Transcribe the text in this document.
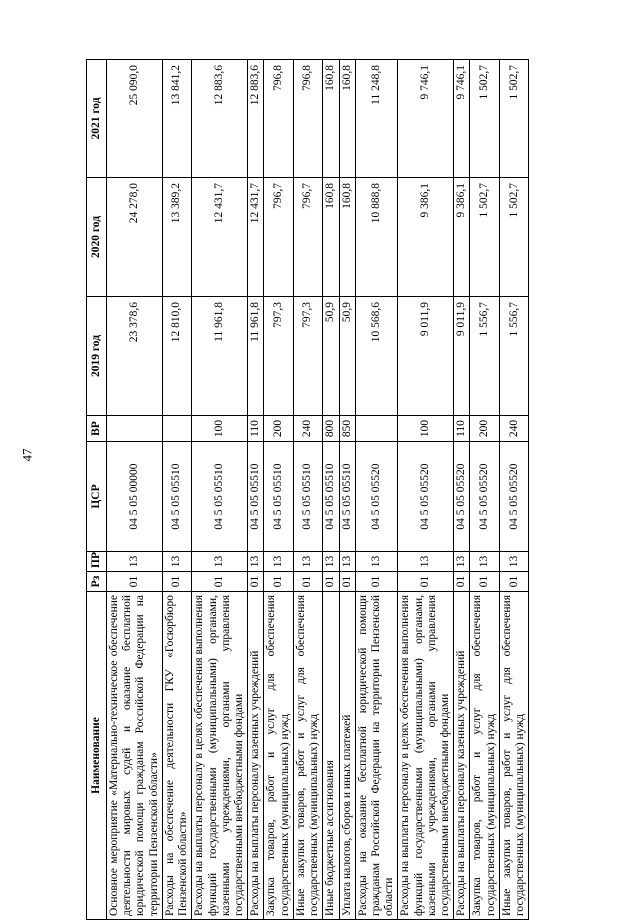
47
Наименование	Рз	ПР	ЦСР	ВР	2019 год	2020 год	2021 год
Основное мероприятие «Материально-техническое обеспечение деятельности мировых судей и оказание бесплатной юридической помощи гражданам Российской Федерации на территории Пензенской области»	01	13	04 5 05 00000		23 378,6	24 278,0	25 090,0
Расходы на обеспечение деятельности ГКУ «Госюрбюро Пензенской области»	01	13	04 5 05 05510		12 810,0	13 389,2	13 841,2
Расходы на выплаты персоналу в целях обеспечения выполнения функций государственными (муниципальными) органами, казенными учреждениями, органами управления государственными внебюджетными фондами	01	13	04 5 05 05510	100	11 961,8	12 431,7	12 883,6
Расходы на выплаты персоналу казенных учреждений	01	13	04 5 05 05510	110	11 961,8	12 431,7	12 883,6
Закупка товаров, работ и услуг для обеспечения государственных (муниципальных) нужд	01	13	04 5 05 05510	200	797,3	796,7	796,8
Иные закупки товаров, работ и услуг для обеспечения государственных (муниципальных) нужд	01	13	04 5 05 05510	240	797,3	796,7	796,8
Иные бюджетные ассигнования	01	13	04 5 05 05510	800	50,9	160,8	160,8
Уплата налогов, сборов и иных платежей	01	13	04 5 05 05510	850	50,9	160,8	160,8
Расходы на оказание бесплатной юридической помощи гражданам Российской Федерации на территории Пензенской области	01	13	04 5 05 05520		10 568,6	10 888,8	11 248,8
Расходы на выплаты персоналу в целях обеспечения выполнения функций государственными (муниципальными) органами, казенными учреждениями, органами управления государственными внебюджетными фондами	01	13	04 5 05 05520	100	9 011,9	9 386,1	9 746,1
Расходы на выплаты персоналу казенных учреждений	01	13	04 5 05 05520	110	9 011,9	9 386,1	9 746,1
Закупка товаров, работ и услуг для обеспечения государственных (муниципальных) нужд	01	13	04 5 05 05520	200	1 556,7	1 502,7	1 502,7
Иные закупки товаров, работ и услуг для обеспечения государственных (муниципальных) нужд	01	13	04 5 05 05520	240	1 556,7	1 502,7	1 502,7
